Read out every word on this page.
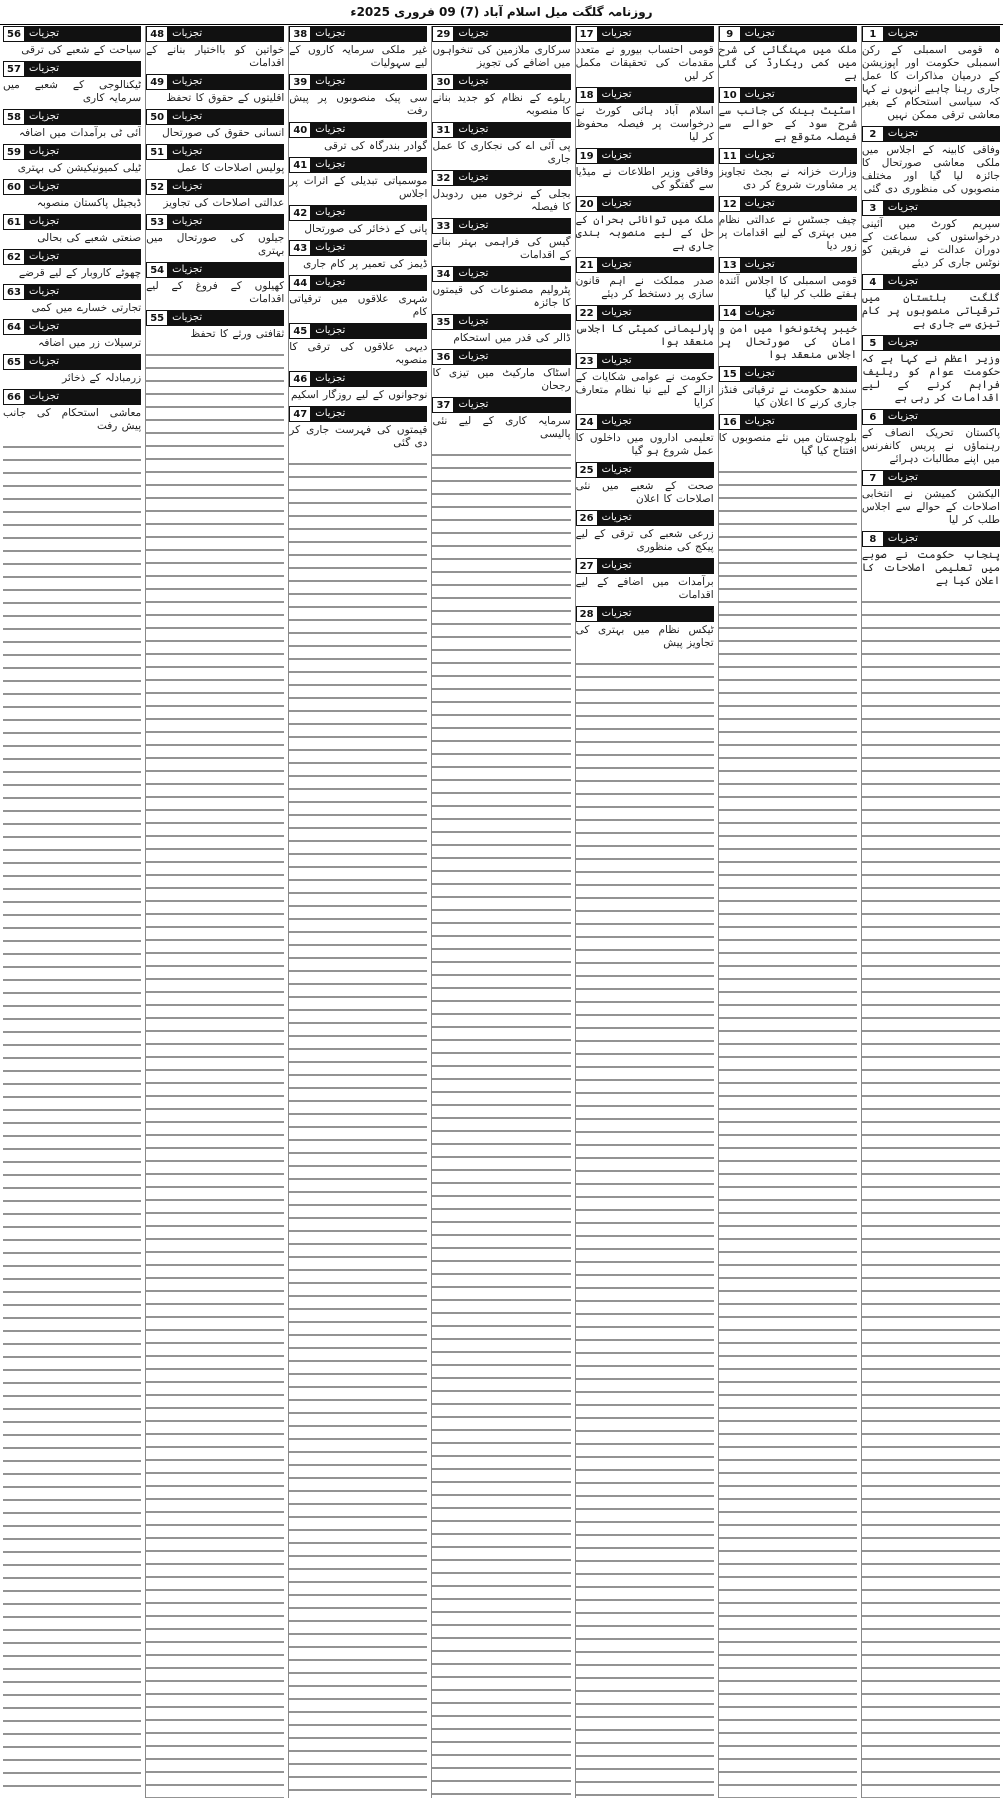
روزنامہ گلگت میل اسلام آباد (7) 09 فروری 2025ء
1	تجزیات
ہ قومی اسمبلی کے رکن اسمبلی حکومت اور اپوزیشن کے درمیان مذاکرات کا عمل جاری رہنا چاہیے انہوں نے کہا کہ سیاسی استحکام کے بغیر معاشی ترقی ممکن نہیں
2	تجزیات
وفاقی کابینہ کے اجلاس میں ملکی معاشی صورتحال کا جائزہ لیا گیا اور مختلف منصوبوں کی منظوری دی گئی
3	تجزیات
سپریم کورٹ میں آئینی درخواستوں کی سماعت کے دوران عدالت نے فریقین کو نوٹس جاری کر دیئے
4	تجزیات
گلگت بلتستان میں ترقیاتی منصوبوں پر کام تیزی سے جاری ہے
5	تجزیات
وزیر اعظم نے کہا ہے کہ حکومت عوام کو ریلیف فراہم کرنے کے لیے اقدامات کر رہی ہے
6	تجزیات
پاکستان تحریک انصاف کے رہنماؤں نے پریس کانفرنس میں اپنے مطالبات دہرائے
7	تجزیات
الیکشن کمیشن نے انتخابی اصلاحات کے حوالے سے اجلاس طلب کر لیا
8	تجزیات
پنجاب حکومت نے صوبے میں تعلیمی اصلاحات کا اعلان کیا ہے
9	تجزیات
ملک میں مہنگائی کی شرح میں کمی ریکارڈ کی گئی ہے
10 تجزیات
اسٹیٹ بینک کی جانب سے شرح سود کے حوالے سے فیصلہ متوقع ہے
11 تجزیات
وزارت خزانہ نے بجٹ تجاویز پر مشاورت شروع کر دی
12 تجزیات
چیف جسٹس نے عدالتی نظام میں بہتری کے لیے اقدامات پر زور دیا
13 تجزیات
قومی اسمبلی کا اجلاس آئندہ ہفتے طلب کر لیا گیا
14 تجزیات
خیبر پختونخوا میں امن و امان کی صورتحال پر اجلاس منعقد ہوا
15 تجزیات
سندھ حکومت نے ترقیاتی فنڈز جاری کرنے کا اعلان کیا
16 تجزیات
بلوچستان میں نئے منصوبوں کا افتتاح کیا گیا
17 تجزیات
قومی احتساب بیورو نے متعدد مقدمات کی تحقیقات مکمل کر لیں
18 تجزیات
اسلام آباد ہائی کورٹ نے درخواست پر فیصلہ محفوظ کر لیا
19 تجزیات
وفاقی وزیر اطلاعات نے میڈیا سے گفتگو کی
20 تجزیات
ملک میں توانائی بحران کے حل کے لیے منصوبہ بندی جاری ہے
21 تجزیات
صدر مملکت نے اہم قانون سازی پر دستخط کر دیئے
22 تجزیات
پارلیمانی کمیٹی کا اجلاس منعقد ہوا
23 تجزیات
حکومت نے عوامی شکایات کے ازالے کے لیے نیا نظام متعارف کرایا
24 تجزیات
تعلیمی اداروں میں داخلوں کا عمل شروع ہو گیا
25 تجزیات
صحت کے شعبے میں نئی اصلاحات کا اعلان
26 تجزیات
زرعی شعبے کی ترقی کے لیے پیکج کی منظوری
27 تجزیات
برآمدات میں اضافے کے لیے اقدامات
28 تجزیات
ٹیکس نظام میں بہتری کی تجاویز پیش
29 تجزیات
سرکاری ملازمین کی تنخواہوں میں اضافے کی تجویز
30 تجزیات
ریلوے کے نظام کو جدید بنانے کا منصوبہ
31 تجزیات
پی آئی اے کی نجکاری کا عمل جاری
32 تجزیات
بجلی کے نرخوں میں ردوبدل کا فیصلہ
33 تجزیات
گیس کی فراہمی بہتر بنانے کے اقدامات
34 تجزیات
پٹرولیم مصنوعات کی قیمتوں کا جائزہ
35 تجزیات
ڈالر کی قدر میں استحکام
36 تجزیات
اسٹاک مارکیٹ میں تیزی کا رجحان
37 تجزیات
سرمایہ کاری کے لیے نئی پالیسی
38 تجزیات
غیر ملکی سرمایہ کاروں کے لیے سہولیات
39 تجزیات
سی پیک منصوبوں پر پیش رفت
40 تجزیات
گوادر بندرگاہ کی ترقی
41 تجزیات
موسمیاتی تبدیلی کے اثرات پر اجلاس
42 تجزیات
پانی کے ذخائر کی صورتحال
43 تجزیات
ڈیمز کی تعمیر پر کام جاری
44 تجزیات
شہری علاقوں میں ترقیاتی کام
45 تجزیات
دیہی علاقوں کی ترقی کا منصوبہ
46 تجزیات
نوجوانوں کے لیے روزگار اسکیم
47 تجزیات
قیمتوں کی فہرست جاری کر دی گئی
48 تجزیات
خواتین کو بااختیار بنانے کے اقدامات
49 تجزیات
اقلیتوں کے حقوق کا تحفظ
50 تجزیات
انسانی حقوق کی صورتحال
51 تجزیات
پولیس اصلاحات کا عمل
52 تجزیات
عدالتی اصلاحات کی تجاویز
53 تجزیات
جیلوں کی صورتحال میں بہتری
54 تجزیات
کھیلوں کے فروغ کے لیے اقدامات
55 تجزیات
ثقافتی ورثے کا تحفظ
56 تجزیات
سیاحت کے شعبے کی ترقی
57 تجزیات
ٹیکنالوجی کے شعبے میں سرمایہ کاری
58 تجزیات
آئی ٹی برآمدات میں اضافہ
59 تجزیات
ٹیلی کمیونیکیشن کی بہتری
60 تجزیات
ڈیجیٹل پاکستان منصوبہ
61 تجزیات
صنعتی شعبے کی بحالی
62 تجزیات
چھوٹے کاروبار کے لیے قرضے
63 تجزیات
تجارتی خسارے میں کمی
64 تجزیات
ترسیلات زر میں اضافہ
65 تجزیات
زرمبادلہ کے ذخائر
66 تجزیات
معاشی استحکام کی جانب پیش رفت
